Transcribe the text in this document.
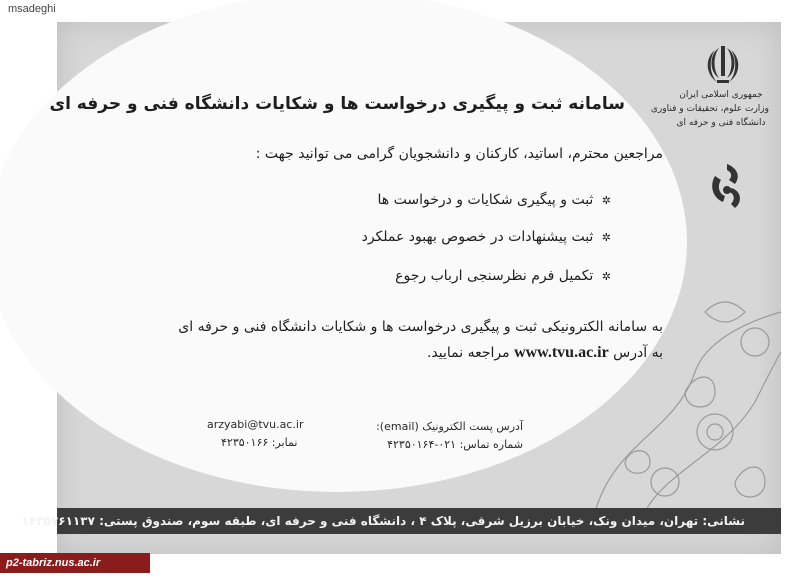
msadeghi
جمهوری اسلامی ایران
وزارت علوم، تحقیقات و فناوری
دانشگاه فنی و حرفه ای
سامانه ثبت و پیگیری درخواست ها و شکایات دانشگاه فنی و حرفه ای
مراجعین محترم، اساتید، کارکنان و دانشجویان گرامی می توانید جهت :
✲ ثبت و پیگیری شکایات و درخواست ها
✲ ثبت پیشنهادات در خصوص بهبود عملکرد
✲ تکمیل فرم نظرسنجی ارباب رجوع
به سامانه الکترونیکی ثبت و پیگیری درخواست ها و شکایات دانشگاه فنی و حرفه ای
به آدرس www.tvu.ac.ir مراجعه نمایید.
آدرس پست الکترونیک (email):
arzyabi@tvu.ac.ir
شماره تماس: ۰۲۱-۴۲۳۵۰۱۶۴
نمابر: ۴۲۳۵۰۱۶۶
نشانی: تهران، میدان ونک، خیابان برزیل شرقی، پلاک ۴ ، دانشگاه فنی و حرفه ای، طبقه سوم، صندوق پستی: ۱۴۳۵۷۶۱۱۳۷
p2-tabriz.nus.ac.ir
